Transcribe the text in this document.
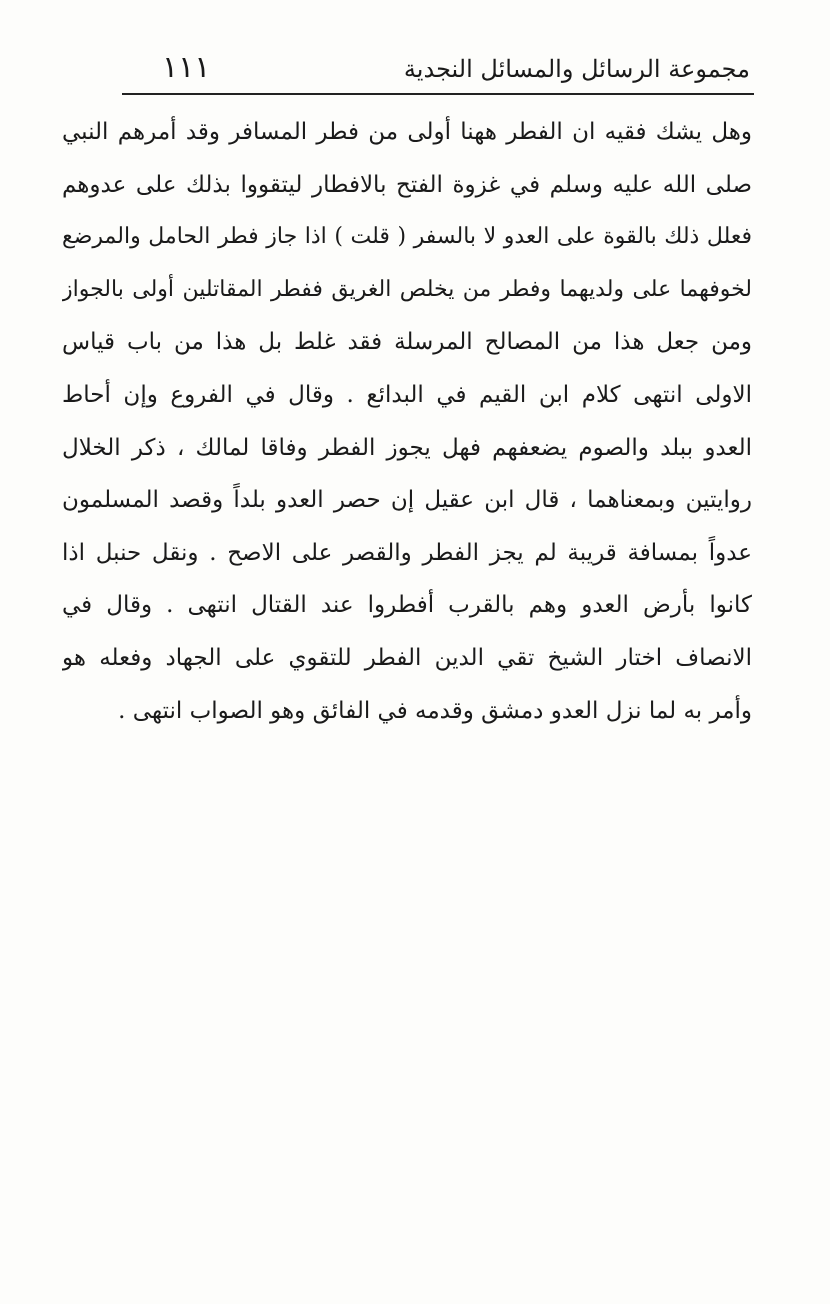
مجموعة الرسائل والمسائل النجدية
١١١
وهل يشك فقيه ان الفطر ههنا أولى من فطر المسافر وقد أمرهم النبي
صلى الله عليه وسلم في غزوة الفتح بالافطار ليتقووا بذلك على عدوهم
فعلل ذلك بالقوة على العدو لا بالسفر ( قلت ) اذا جاز فطر الحامل والمرضع
لخوفهما على ولديهما وفطر من يخلص الغريق ففطر المقاتلين أولى بالجواز
ومن جعل هذا من المصالح المرسلة فقد غلط بل هذا من باب قياس
الاولى انتهى كلام ابن القيم في البدائع . وقال في الفروع وإن أحاط
العدو ببلد والصوم يضعفهم فهل يجوز الفطر وفاقا لمالك ، ذكر الخلال
روايتين وبمعناهما ، قال ابن عقيل إن حصر العدو بلداً وقصد المسلمون
عدواً بمسافة قريبة لم يجز الفطر والقصر على الاصح . ونقل حنبل اذا
كانوا بأرض العدو وهم بالقرب أفطروا عند القتال انتهى . وقال في
الانصاف اختار الشيخ تقي الدين الفطر للتقوي على الجهاد وفعله هو
وأمر به لما نزل العدو دمشق وقدمه في الفائق وهو الصواب انتهى .
